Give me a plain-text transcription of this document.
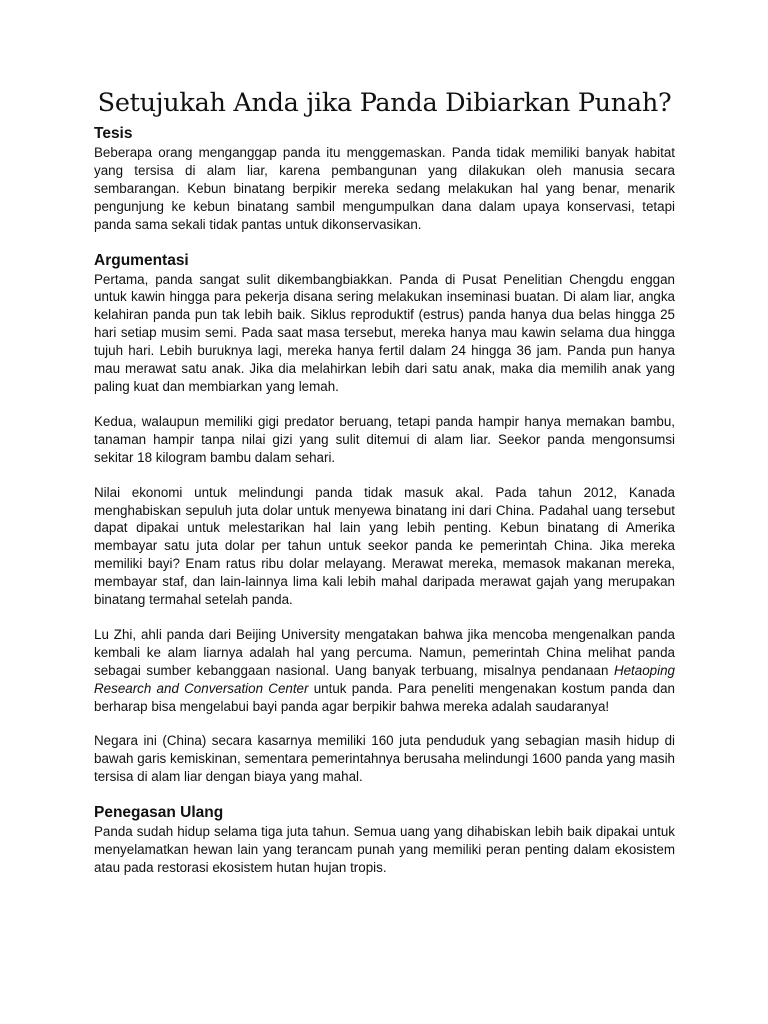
Setujukah Anda jika Panda Dibiarkan Punah?
Tesis

Beberapa orang menganggap panda itu menggemaskan. Panda tidak memiliki banyak habitat yang tersisa di alam liar, karena pembangunan yang dilakukan oleh manusia secara sembarangan. Kebun binatang berpikir mereka sedang melakukan hal yang benar, menarik pengunjung ke kebun binatang sambil mengumpulkan dana dalam upaya konservasi, tetapi panda sama sekali tidak pantas untuk dikonservasikan.

Argumentasi

Pertama, panda sangat sulit dikembangbiakkan. Panda di Pusat Penelitian Chengdu enggan untuk kawin hingga para pekerja disana sering melakukan inseminasi buatan. Di alam liar, angka kelahiran panda pun tak lebih baik. Siklus reproduktif (estrus) panda hanya dua belas hingga 25 hari setiap musim semi. Pada saat masa tersebut, mereka hanya mau kawin selama dua hingga tujuh hari. Lebih buruknya lagi, mereka hanya fertil dalam 24 hingga 36 jam. Panda pun hanya mau merawat satu anak. Jika dia melahirkan lebih dari satu anak, maka dia memilih anak yang paling kuat dan membiarkan yang lemah.

Kedua, walaupun memiliki gigi predator beruang, tetapi panda hampir hanya memakan bambu, tanaman hampir tanpa nilai gizi yang sulit ditemui di alam liar. Seekor panda mengonsumsi sekitar 18 kilogram bambu dalam sehari.

Nilai ekonomi untuk melindungi panda tidak masuk akal. Pada tahun 2012, Kanada menghabiskan sepuluh juta dolar untuk menyewa binatang ini dari China. Padahal uang tersebut dapat dipakai untuk melestarikan hal lain yang lebih penting. Kebun binatang di Amerika membayar satu juta dolar per tahun untuk seekor panda ke pemerintah China. Jika mereka memiliki bayi? Enam ratus ribu dolar melayang. Merawat mereka, memasok makanan mereka, membayar staf, dan lain-lainnya lima kali lebih mahal daripada merawat gajah yang merupakan binatang termahal setelah panda.

Lu Zhi, ahli panda dari Beijing University mengatakan bahwa jika mencoba mengenalkan panda kembali ke alam liarnya adalah hal yang percuma. Namun, pemerintah China melihat panda sebagai sumber kebanggaan nasional. Uang banyak terbuang, misalnya pendanaan Hetaoping Research and Conversation Center untuk panda. Para peneliti mengenakan kostum panda dan berharap bisa mengelabui bayi panda agar berpikir bahwa mereka adalah saudaranya!

Negara ini (China) secara kasarnya memiliki 160 juta penduduk yang sebagian masih hidup di bawah garis kemiskinan, sementara pemerintahnya berusaha melindungi 1600 panda yang masih tersisa di alam liar dengan biaya yang mahal.

Penegasan Ulang

Panda sudah hidup selama tiga juta tahun. Semua uang yang dihabiskan lebih baik dipakai untuk menyelamatkan hewan lain yang terancam punah yang memiliki peran penting dalam ekosistem atau pada restorasi ekosistem hutan hujan tropis.
